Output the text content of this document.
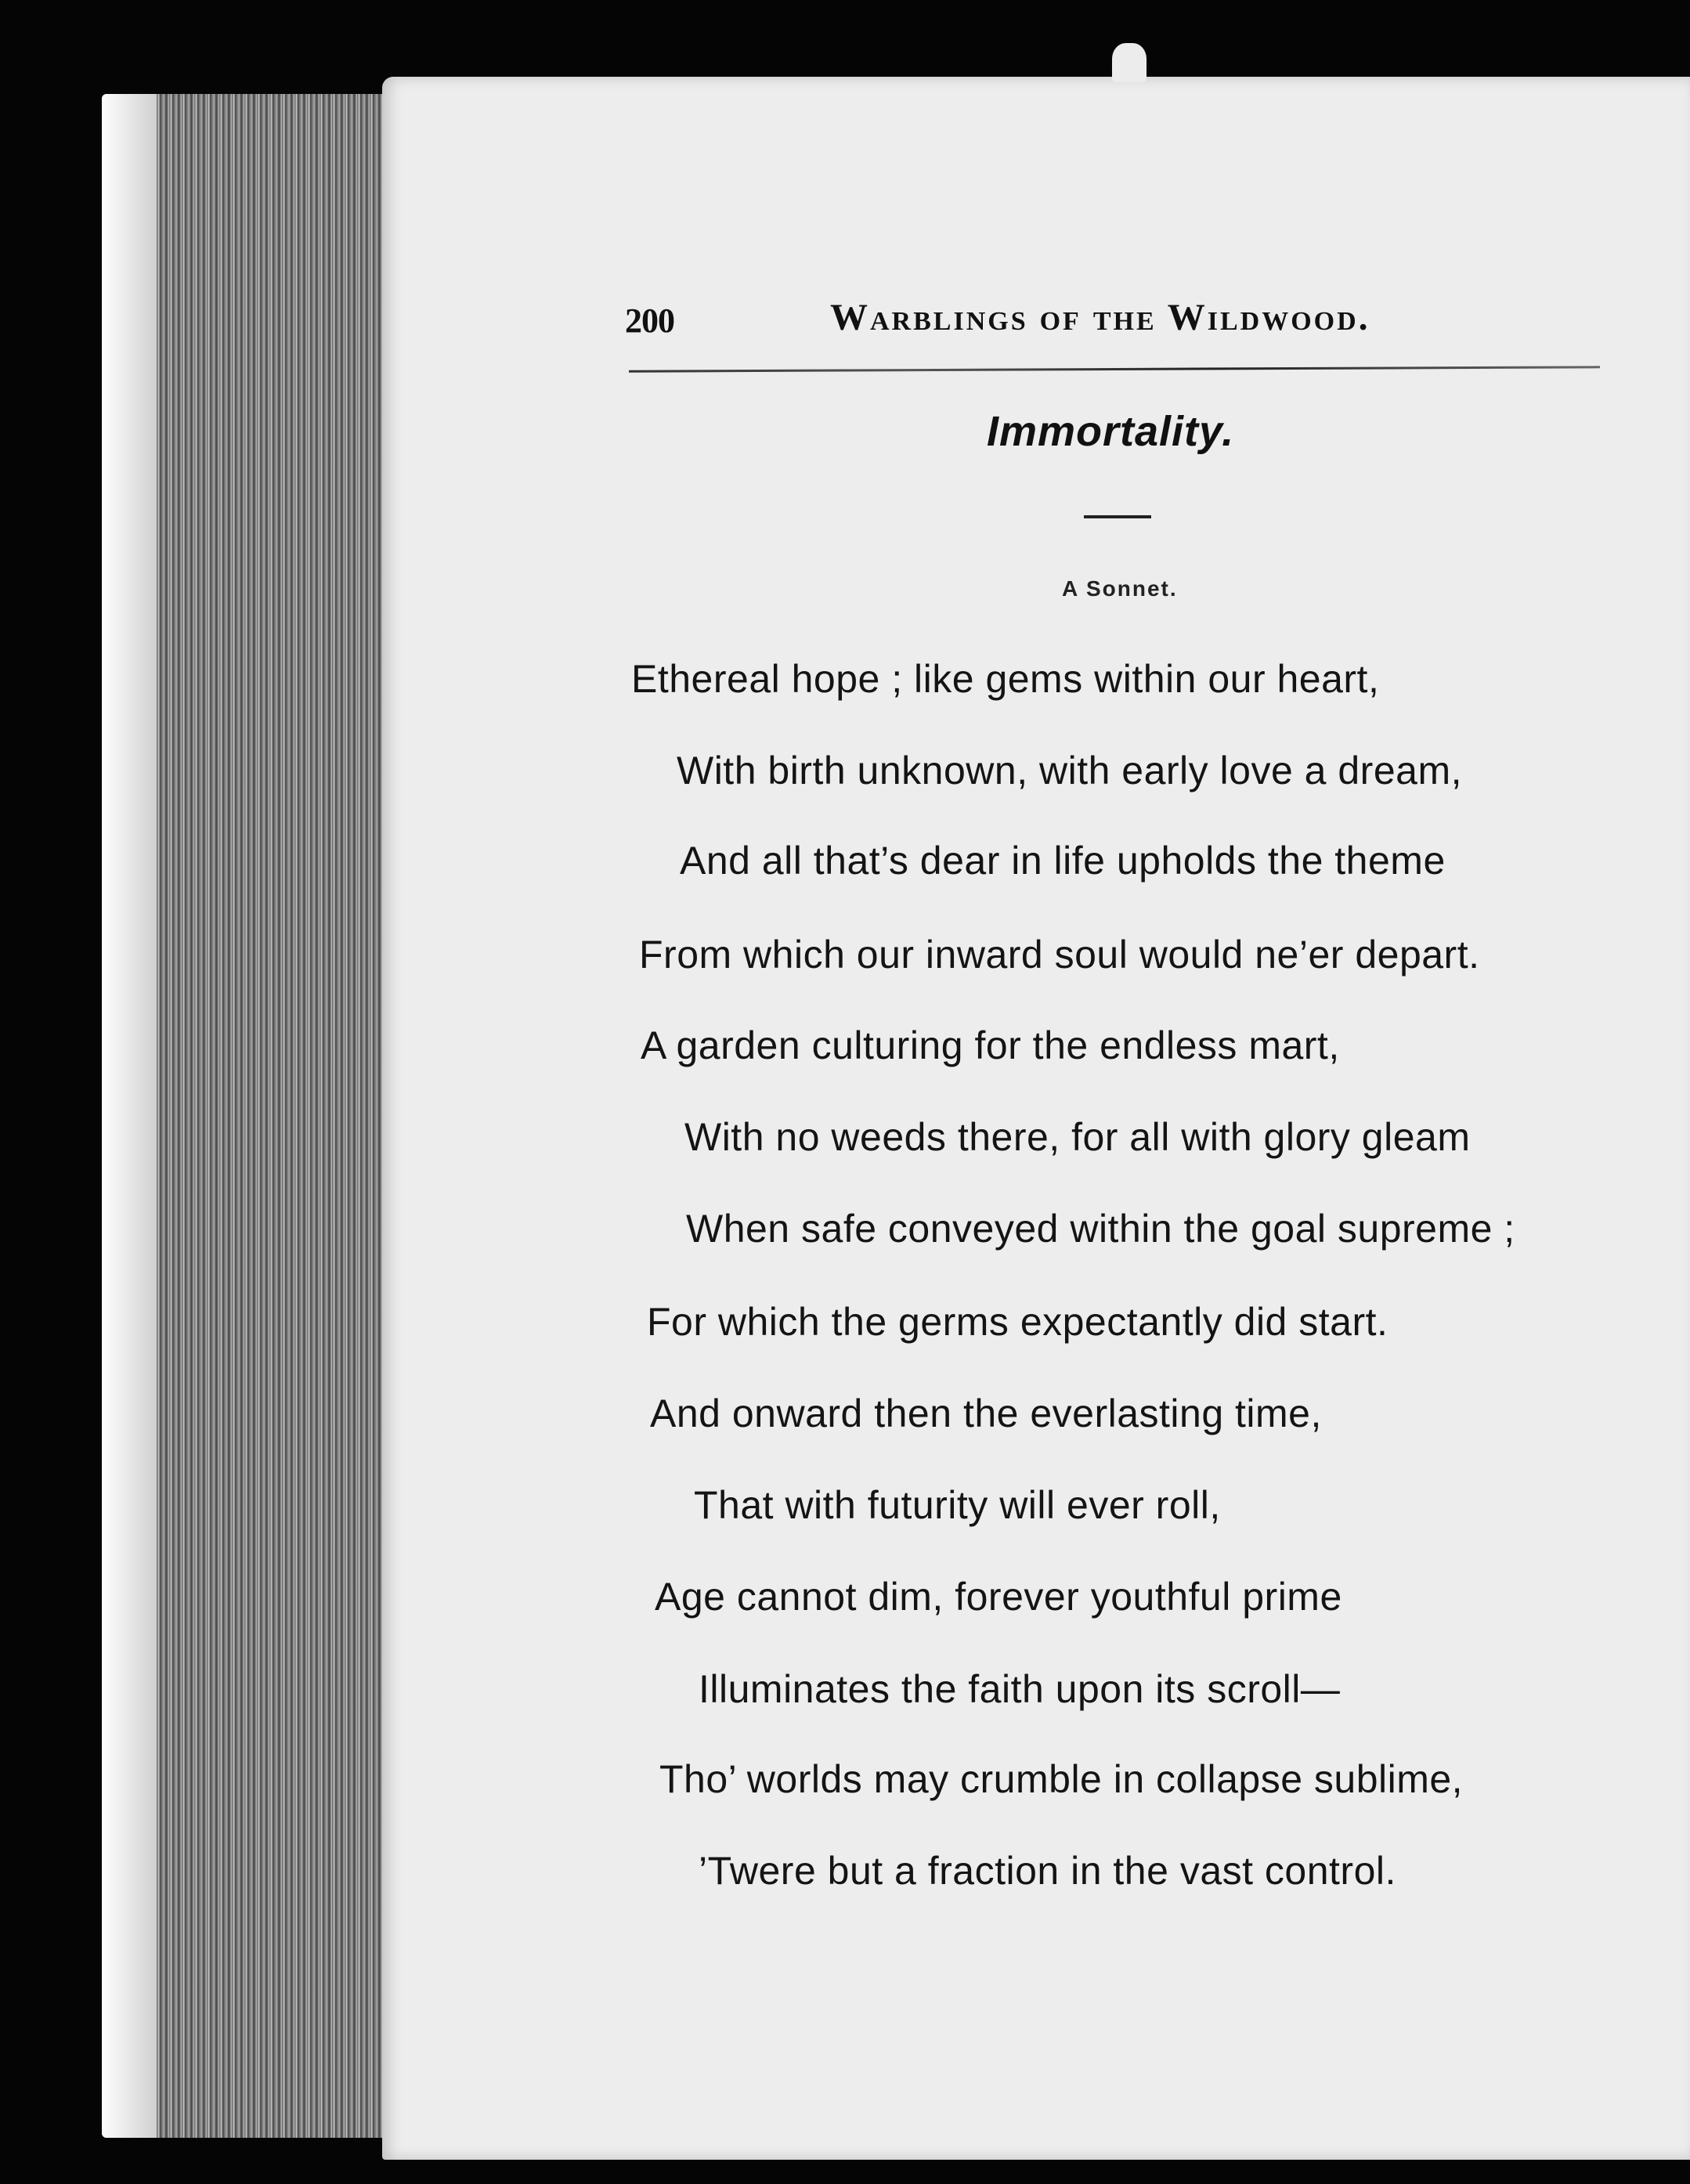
200	Warblings of the Wildwood.
Immortality.
A Sonnet.
Ethereal hope ; like gems within our heart,
With birth unknown, with early love a dream,
And all that’s dear in life upholds the theme
From which our inward soul would ne’er depart.
A garden culturing for the endless mart,
With no weeds there, for all with glory gleam
When safe conveyed within the goal supreme ;
For which the germs expectantly did start.
And onward then the everlasting time,
That with futurity will ever roll,
Age cannot dim, forever youthful prime
Illuminates the faith upon its scroll—
Tho’ worlds may crumble in collapse sublime,
’Twere but a fraction in the vast control.
